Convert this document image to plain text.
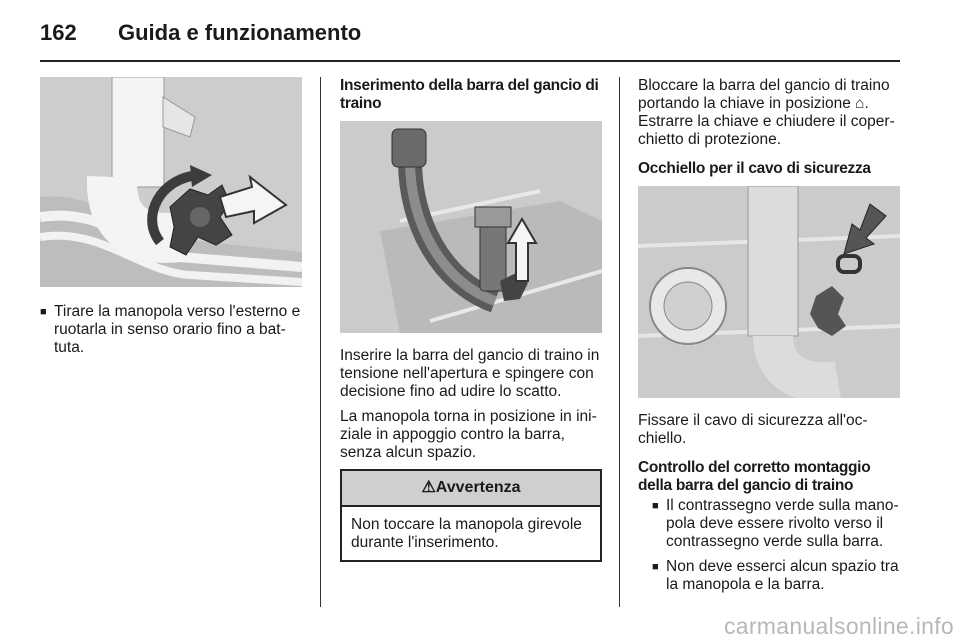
162 Guida e funzionamento
■ Tirare la manopola verso l'esterno e ruotarla in senso orario fino a bat-tuta.
Inserimento della barra del gancio di traino

Inserire la barra del gancio di traino in tensione nell'apertura e spingere con decisione fino ad udire lo scatto.

La manopola torna in posizione in ini-ziale in appoggio contro la barra, senza alcun spazio.

⚠Avvertenza
Non toccare la manopola girevole durante l'inserimento.

Bloccare la barra del gancio di traino portando la chiave in posizione ⌂. Estrarre la chiave e chiudere il coper-chietto di protezione.

Occhiello per il cavo di sicurezza

Fissare il cavo di sicurezza all'oc-chiello.

Controllo del corretto montaggio della barra del gancio di traino
■ Il contrassegno verde sulla mano-pola deve essere rivolto verso il contrassegno verde sulla barra.
■ Non deve esserci alcun spazio tra la manopola e la barra.
carmanualsonline.info
